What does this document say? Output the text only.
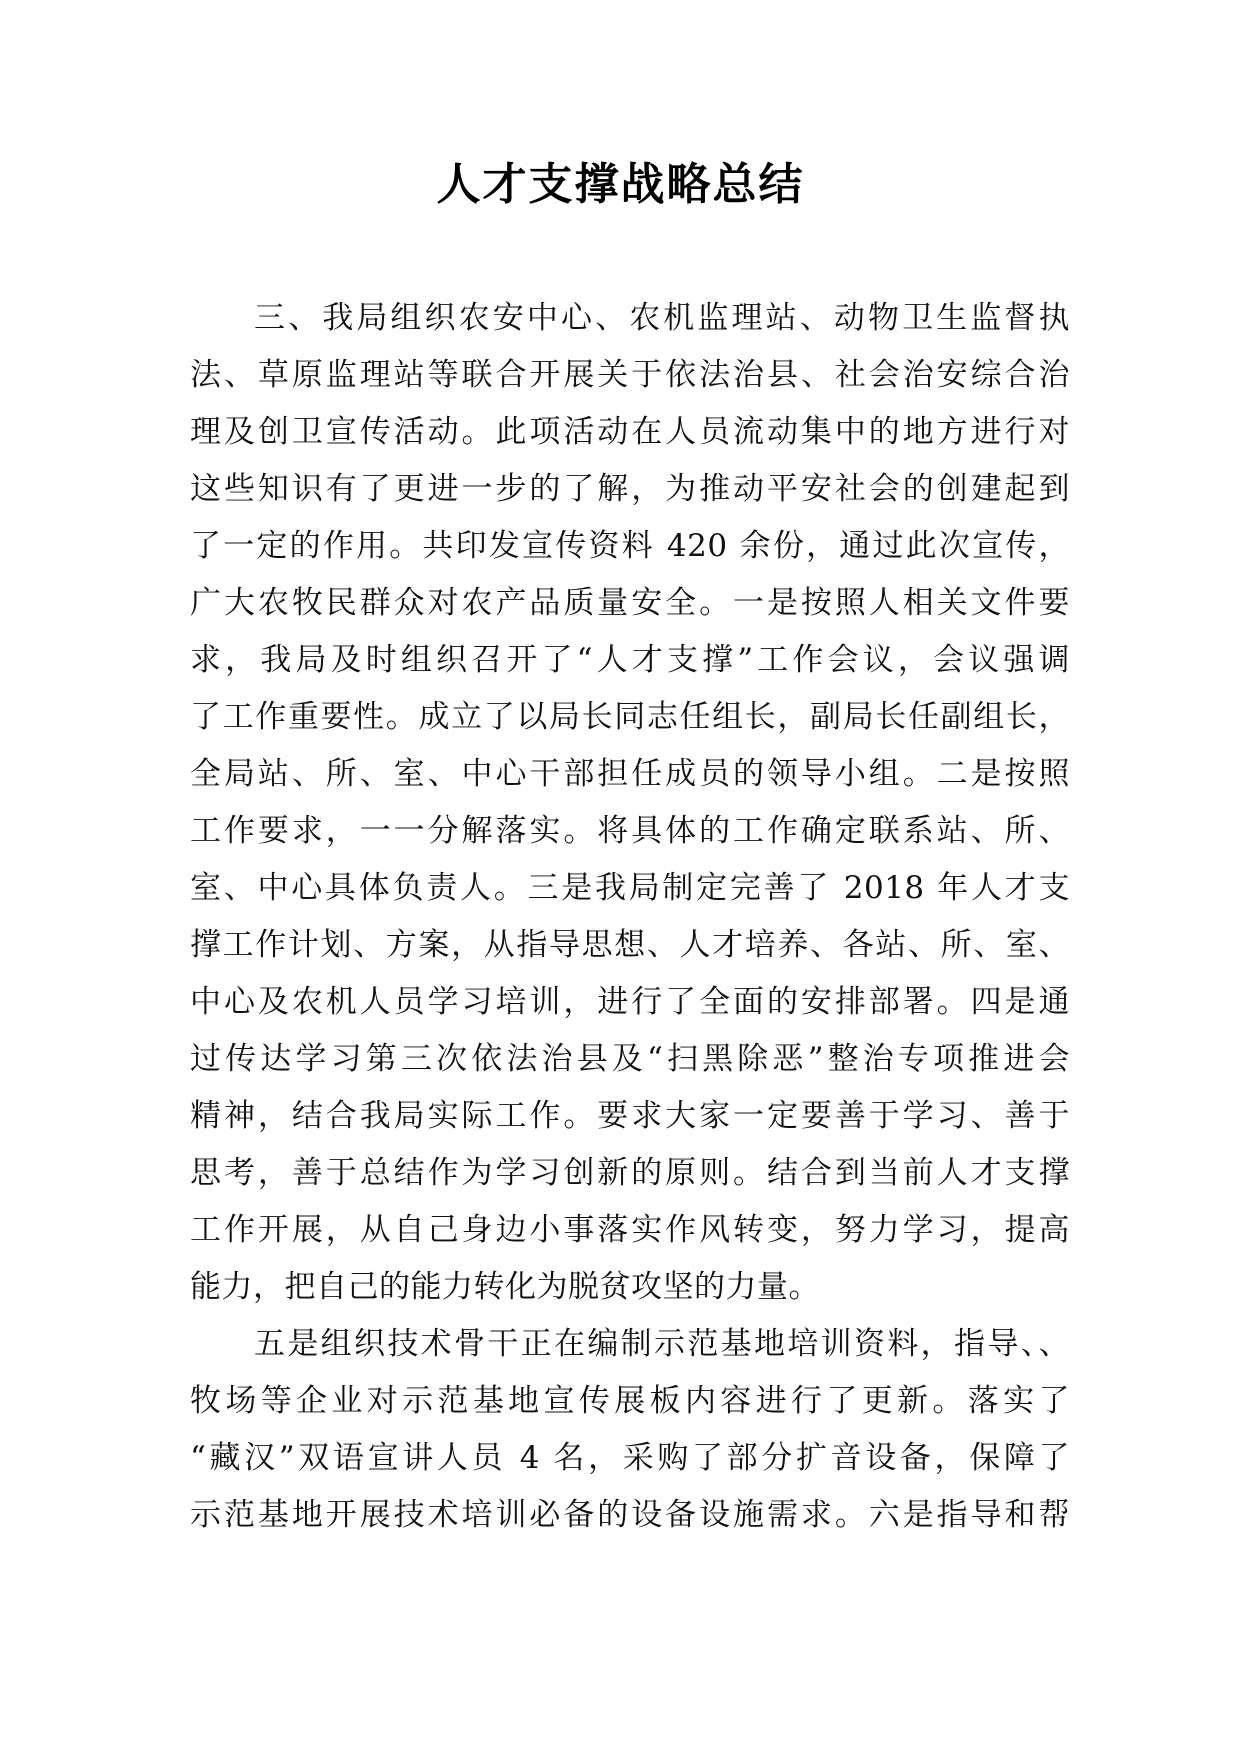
人才支撑战略总结
三、我局组织农安中心、农机监理站、动物卫生监督执
法、草原监理站等联合开展关于依法治县、社会治安综合治
理及创卫宣传活动。此项活动在人员流动集中的地方进行对
这些知识有了更进一步的了解，为推动平安社会的创建起到
了一定的作用。共印发宣传资料 420 余份，通过此次宣传，
广大农牧民群众对农产品质量安全。一是按照人相关文件要
求，我局及时组织召开了“人才支撑”工作会议，会议强调
了工作重要性。成立了以局长同志任组长，副局长任副组长，
全局站、所、室、中心干部担任成员的领导小组。二是按照
工作要求，一一分解落实。将具体的工作确定联系站、所、
室、中心具体负责人。三是我局制定完善了 2018 年人才支
撑工作计划、方案，从指导思想、人才培养、各站、所、室、
中心及农机人员学习培训，进行了全面的安排部署。四是通
过传达学习第三次依法治县及“扫黑除恶”整治专项推进会
精神，结合我局实际工作。要求大家一定要善于学习、善于
思考，善于总结作为学习创新的原则。结合到当前人才支撑
工作开展，从自己身边小事落实作风转变，努力学习，提高
能力，把自己的能力转化为脱贫攻坚的力量。
五是组织技术骨干正在编制示范基地培训资料，指导、、
牧场等企业对示范基地宣传展板内容进行了更新。落实了
“藏汉”双语宣讲人员 4 名，采购了部分扩音设备，保障了
示范基地开展技术培训必备的设备设施需求。六是指导和帮
